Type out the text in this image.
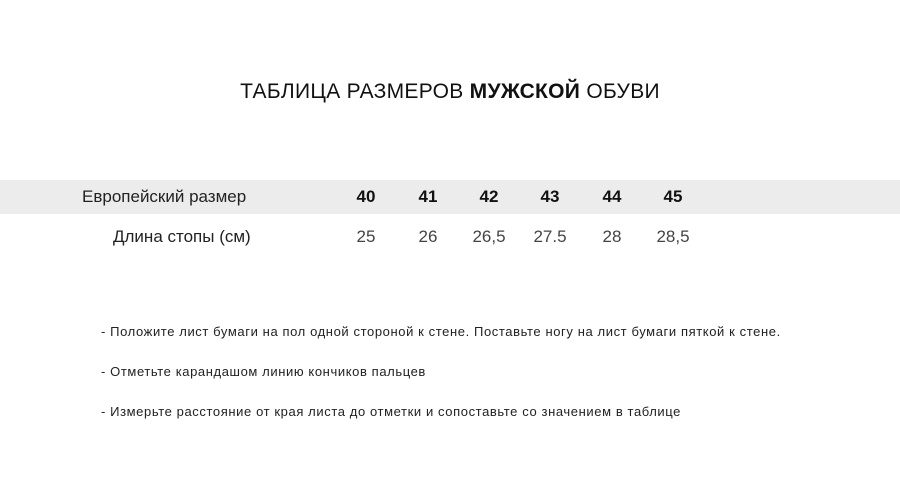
ТАБЛИЦА РАЗМЕРОВ МУЖСКОЙ ОБУВИ
Европейский размер	40	41	42	43	44	45
Длина стопы (см)	25	26	26,5	27.5	28	28,5
- Положите лист бумаги на пол одной стороной к стене. Поставьте ногу на лист бумаги пяткой к стене.
- Отметьте карандашом линию кончиков пальцев
- Измерьте расстояние от края листа до отметки и сопоставьте со значением в таблице
